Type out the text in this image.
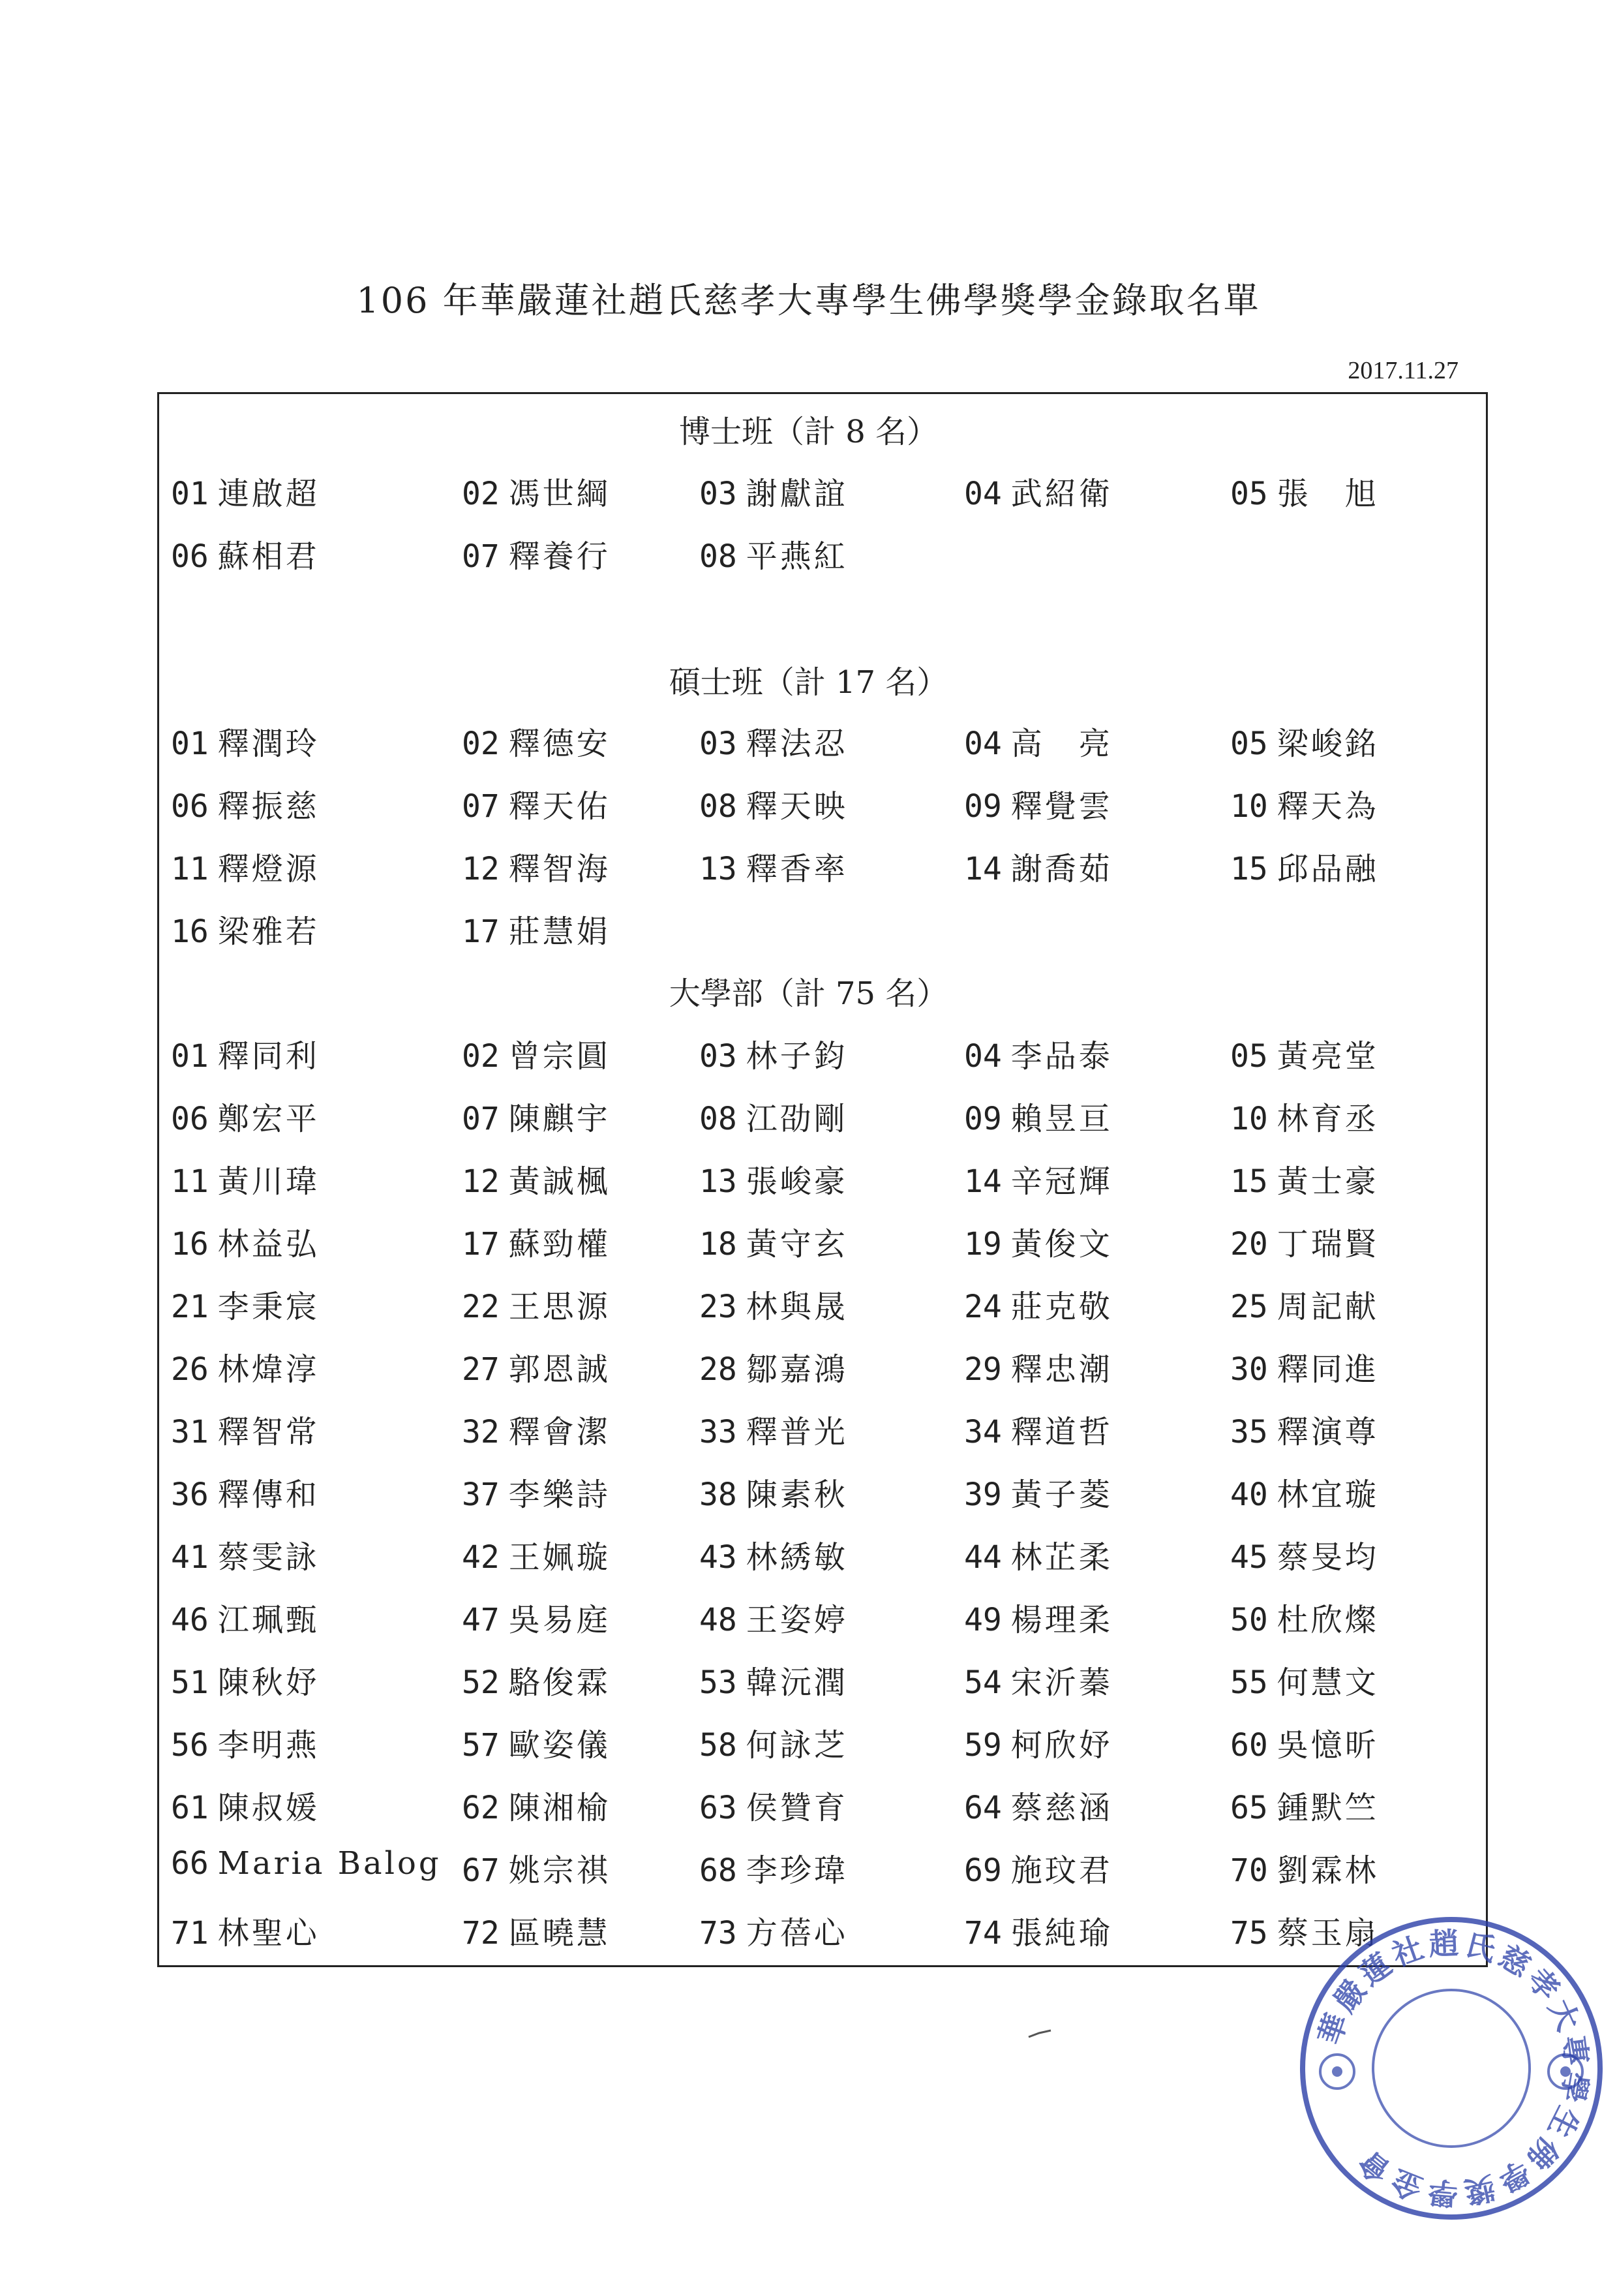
106 年華嚴蓮社趙氏慈孝大專學生佛學獎學金錄取名單
2017.11.27
博士班（計 8 名）
01 連啟超	02 馮世綱	03 謝獻誼	04 武紹衛	05 張　旭
06 蘇相君	07 釋養行	08 平燕紅
碩士班（計 17 名）
01 釋潤玲	02 釋德安	03 釋法忍	04 高　亮	05 梁峻銘
06 釋振慈	07 釋天佑	08 釋天映	09 釋覺雲	10 釋天為
11 釋燈源	12 釋智海	13 釋香率	14 謝喬茹	15 邱品融
16 梁雅若	17 莊慧娟
大學部（計 75 名）
01 釋同利	02 曾宗圓	03 林子鈞	04 李品泰	05 黃亮堂
06 鄭宏平	07 陳麒宇	08 江劭剛	09 賴昱亘	10 林育丞
11 黃川瑋	12 黃誠楓	13 張峻豪	14 辛冠輝	15 黃士豪
16 林益弘	17 蘇勁權	18 黃守玄	19 黃俊文	20 丁瑞賢
21 李秉宸	22 王思源	23 林與晟	24 莊克敬	25 周記献
26 林煒淳	27 郭恩誠	28 鄒嘉鴻	29 釋忠潮	30 釋同進
31 釋智常	32 釋會潔	33 釋普光	34 釋道哲	35 釋演尊
36 釋傳和	37 李樂詩	38 陳素秋	39 黃子菱	40 林宜璇
41 蔡雯詠	42 王姵璇	43 林綉敏	44 林芷柔	45 蔡旻均
46 江珮甄	47 吳易庭	48 王姿婷	49 楊理柔	50 杜欣燦
51 陳秋妤	52 駱俊霖	53 韓沅潤	54 宋沂蓁	55 何慧文
56 李明燕	57 歐姿儀	58 何詠芝	59 柯欣妤	60 吳憶昕
61 陳叔媛	62 陳湘榆	63 侯贊育	64 蔡慈涵	65 鍾默竺
66 Maria Balog 67 姚宗祺	68 李珍瑋	69 施玟君	70 劉霖林
71 林聖心	72 區曉慧	73 方蓓心	74 張純瑜	75 蔡玉扇
華嚴蓮社趙氏慈孝大專學生佛學獎學金會
